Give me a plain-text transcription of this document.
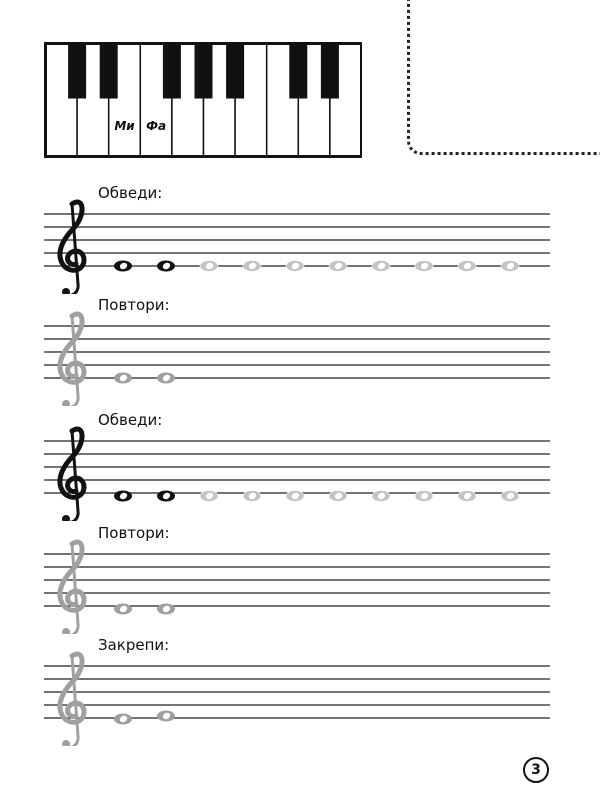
Ми Фа
Обведи:
Повтори:
Обведи:
Повтори:
Закрепи:
3
